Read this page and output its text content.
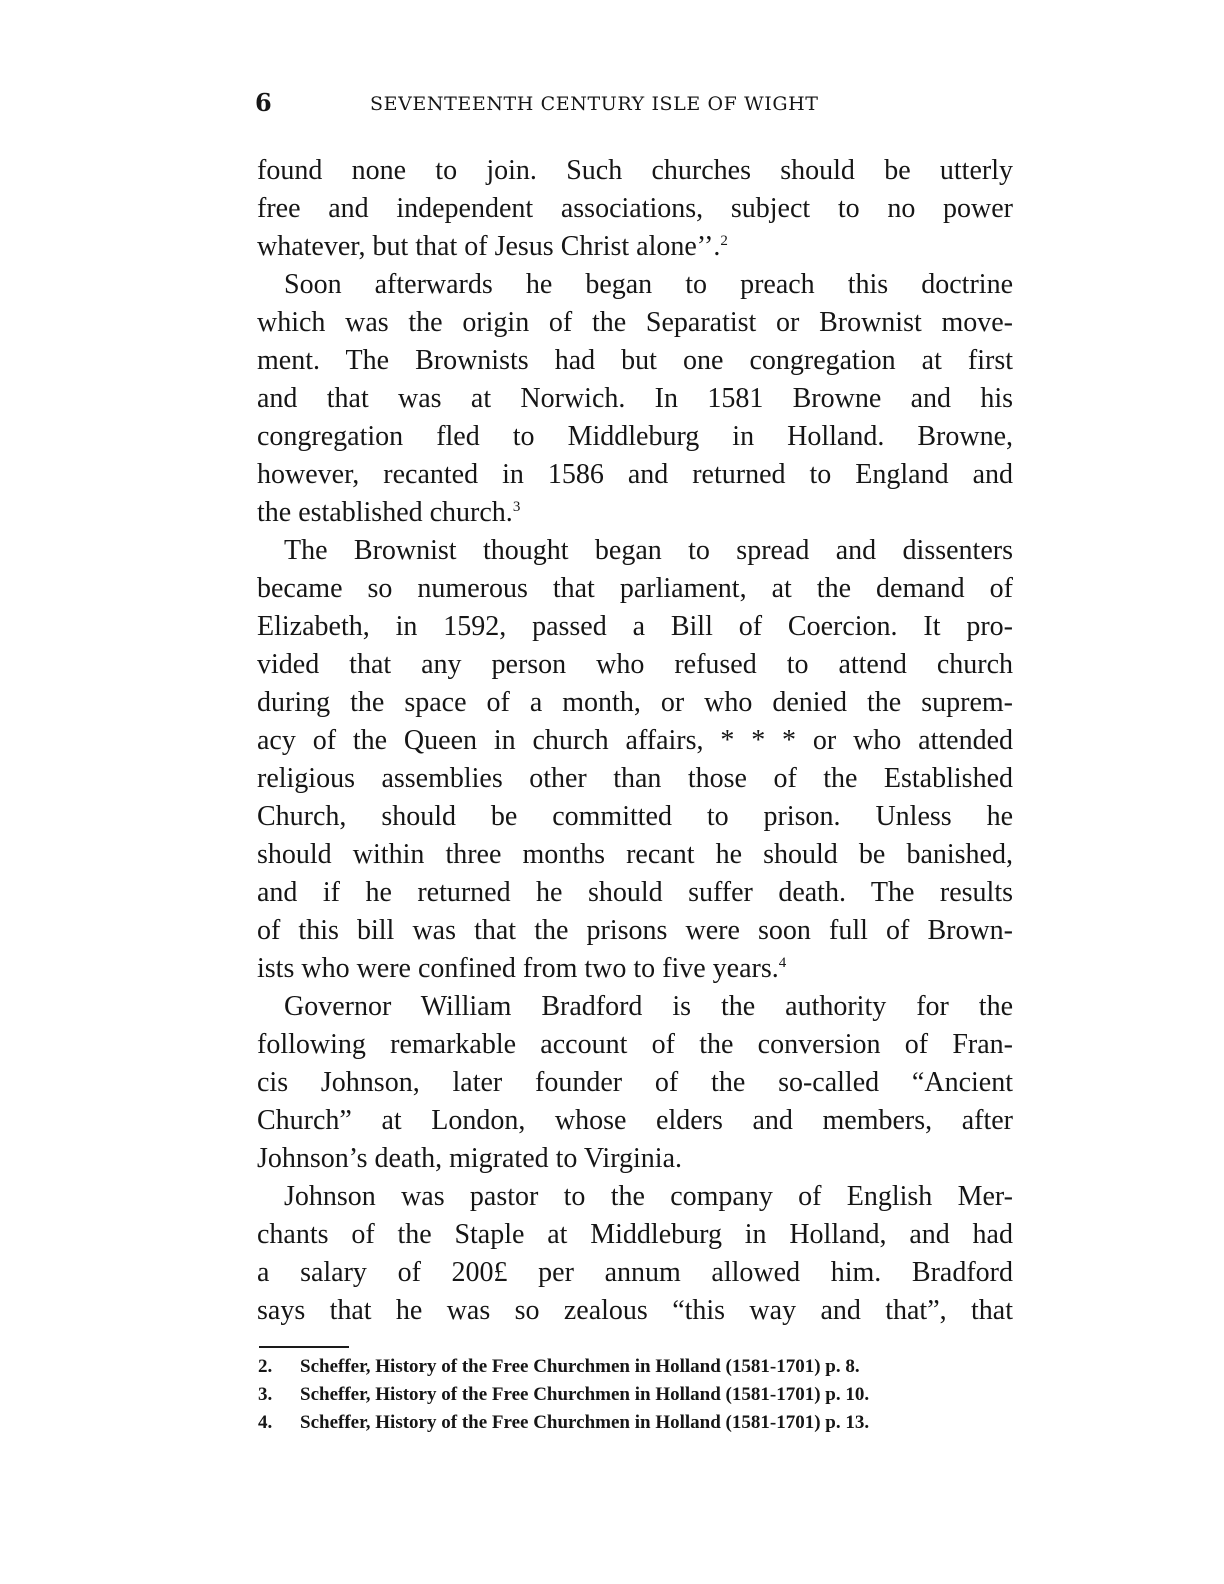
6	SEVENTEENTH CENTURY ISLE OF WIGHT

found none to join. Such churches should be utterly
free and independent associations, subject to no power
whatever, but that of Jesus Christ alone’’.$^2$

Soon afterwards he began to preach this doctrine
which was the origin of the Separatist or Brownist move-
ment. The Brownists had but one congregation at first
and that was at Norwich. In 1581 Browne and his
congregation fled to Middleburg in Holland. Browne,
however, recanted in 1586 and returned to England and
the established church.$^3$

The Brownist thought began to spread and dissenters
became so numerous that parliament, at the demand of
Elizabeth, in 1592, passed a Bill of Coercion. It pro-
vided that any person who refused to attend church
during the space of a month, or who denied the suprem-
acy of the Queen in church affairs, * * * or who attended
religious assemblies other than those of the Established
Church, should be committed to prison. Unless he
should within three months recant he should be banished,
and if he returned he should suffer death. The results
of this bill was that the prisons were soon full of Brown-
ists who were confined from two to five years.$^4$

Governor William Bradford is the authority for the
following remarkable account of the conversion of Fran-
cis Johnson, later founder of the so-called “Ancient
Church” at London, whose elders and members, after
Johnson’s death, migrated to Virginia.

Johnson was pastor to the company of English Mer-
chants of the Staple at Middleburg in Holland, and had
a salary of 200£ per annum allowed him. Bradford
says that he was so zealous “this way and that”, that

2.	Scheffer, History of the Free Churchmen in Holland (1581-1701) p. 8.
3.	Scheffer, History of the Free Churchmen in Holland (1581-1701) p. 10.
4.	Scheffer, History of the Free Churchmen in Holland (1581-1701) p. 13.
